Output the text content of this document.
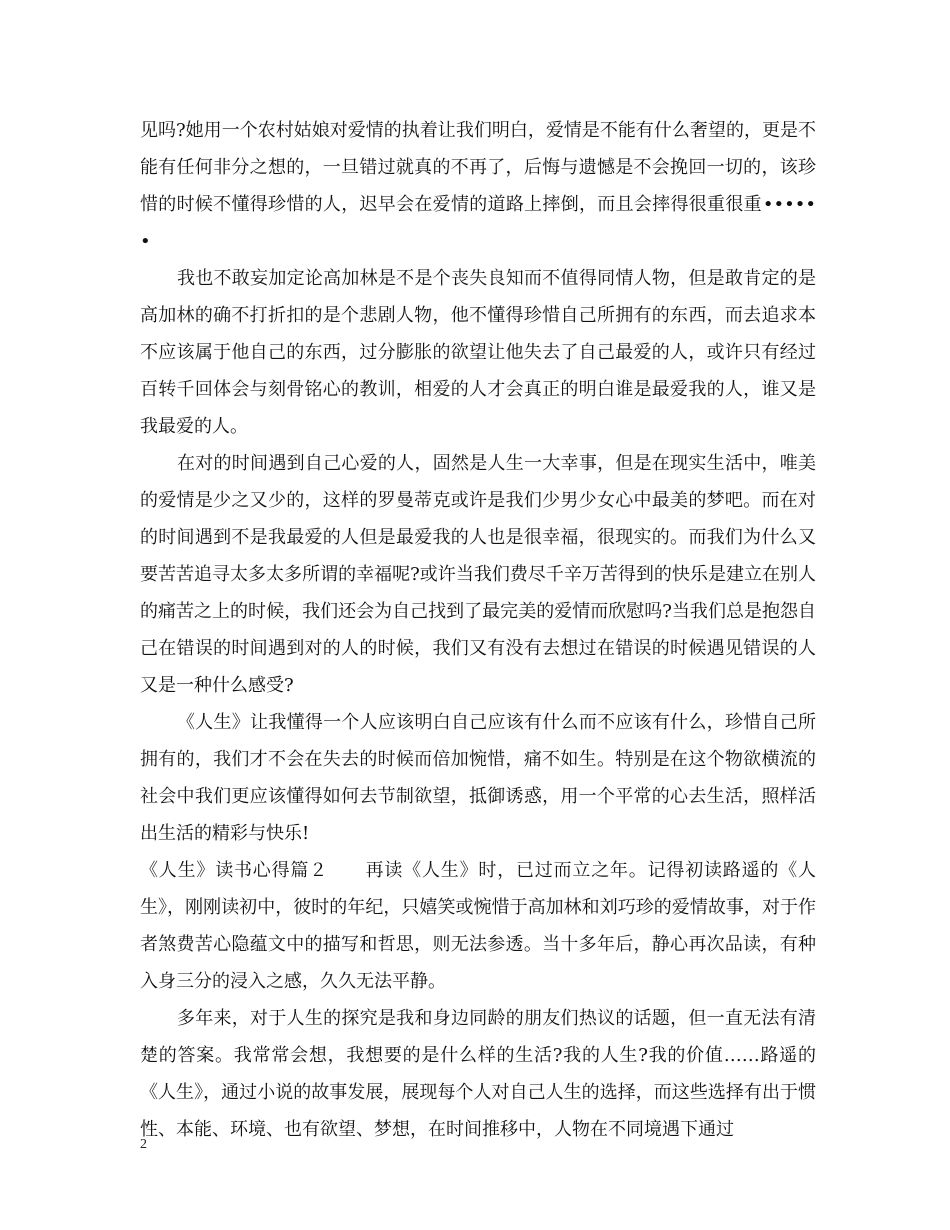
见吗?她用一个农村姑娘对爱情的执着让我们明白，爱情是不能有什么奢望的，更是不能有任何非分之想的，一旦错过就真的不再了，后悔与遗憾是不会挽回一切的，该珍惜的时候不懂得珍惜的人，迟早会在爱情的道路上摔倒，而且会摔得很重很重••••••

我也不敢妄加定论高加林是不是个丧失良知而不值得同情人物，但是敢肯定的是高加林的确不打折扣的是个悲剧人物，他不懂得珍惜自己所拥有的东西，而去追求本不应该属于他自己的东西，过分膨胀的欲望让他失去了自己最爱的人，或许只有经过百转千回体会与刻骨铭心的教训，相爱的人才会真正的明白谁是最爱我的人，谁又是我最爱的人。

在对的时间遇到自己心爱的人，固然是人生一大幸事，但是在现实生活中，唯美的爱情是少之又少的，这样的罗曼蒂克或许是我们少男少女心中最美的梦吧。而在对的时间遇到不是我最爱的人但是最爱我的人也是很幸福，很现实的。而我们为什么又要苦苦追寻太多太多所谓的幸福呢?或许当我们费尽千辛万苦得到的快乐是建立在别人的痛苦之上的时候，我们还会为自己找到了最完美的爱情而欣慰吗?当我们总是抱怨自己在错误的时间遇到对的人的时候，我们又有没有去想过在错误的时候遇见错误的人又是一种什么感受?

《人生》让我懂得一个人应该明白自己应该有什么而不应该有什么，珍惜自己所拥有的，我们才不会在失去的时候而倍加惋惜，痛不如生。特别是在这个物欲横流的社会中我们更应该懂得如何去节制欲望，抵御诱惑，用一个平常的心去生活，照样活出生活的精彩与快乐!

《人生》读书心得篇２　　再读《人生》时，已过而立之年。记得初读路遥的《人生》，刚刚读初中，彼时的年纪，只嬉笑或惋惜于高加林和刘巧珍的爱情故事，对于作者煞费苦心隐蕴文中的描写和哲思，则无法参透。当十多年后，静心再次品读，有种入身三分的浸入之感，久久无法平静。

多年来，对于人生的探究是我和身边同龄的朋友们热议的话题，但一直无法有清楚的答案。我常常会想，我想要的是什么样的生活?我的人生?我的价值……路遥的《人生》，通过小说的故事发展，展现每个人对自己人生的选择，而这些选择有出于惯性、本能、环境、也有欲望、梦想，在时间推移中，人物在不同境遇下通过

2
